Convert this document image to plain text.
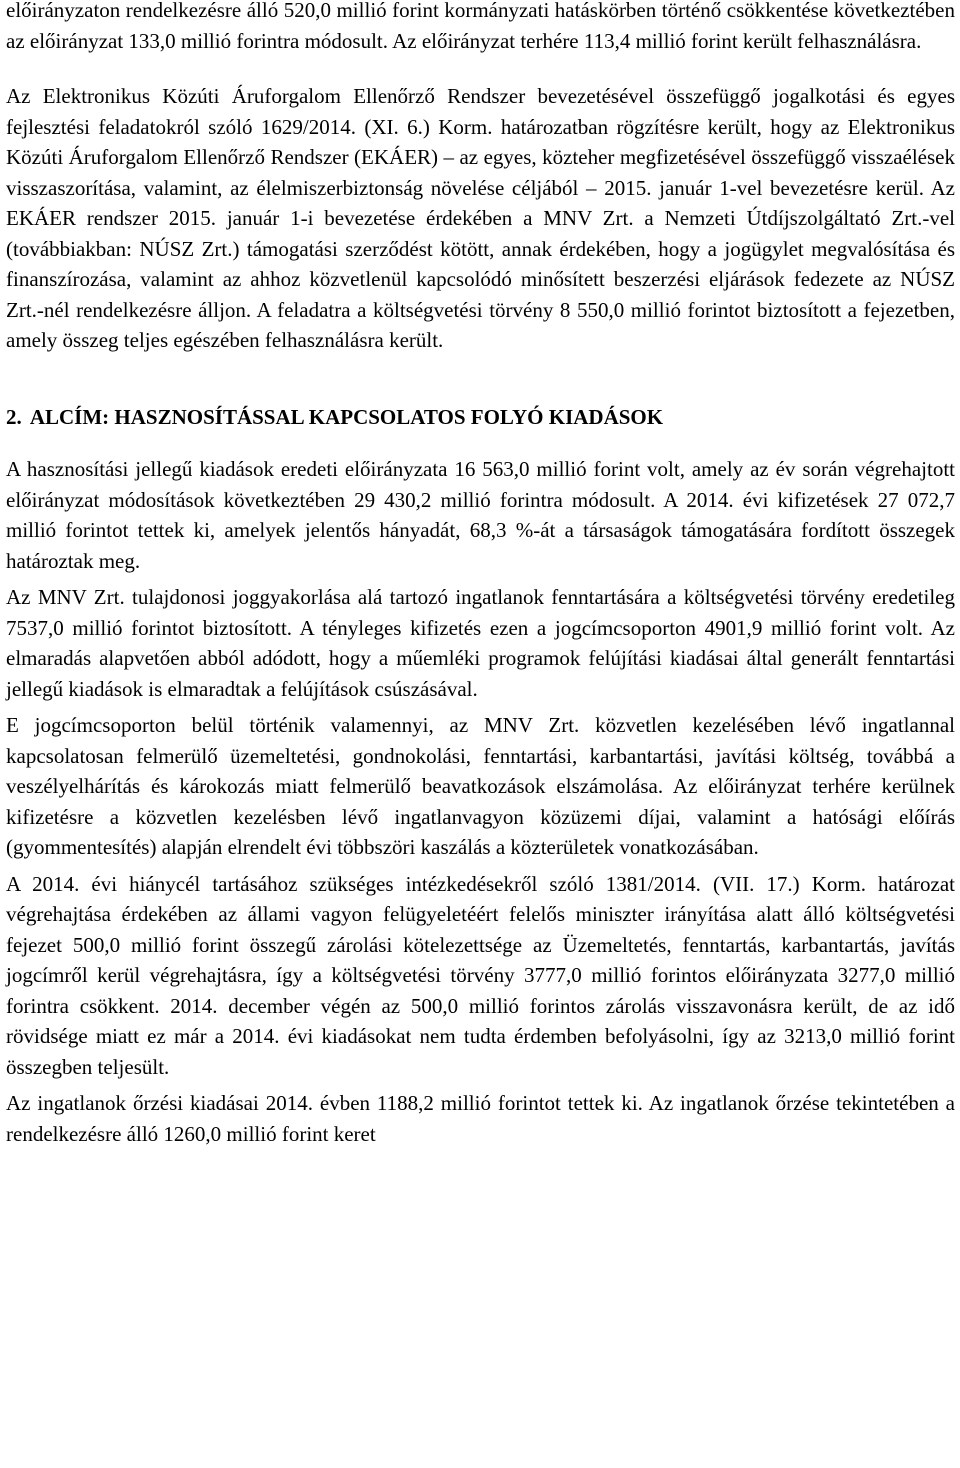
előirányzaton rendelkezésre álló 520,0 millió forint kormányzati hatáskörben történő csökkentése következtében az előirányzat 133,0 millió forintra módosult. Az előirányzat terhére 113,4 millió forint került felhasználásra.

Az Elektronikus Közúti Áruforgalom Ellenőrző Rendszer bevezetésével összefüggő jogalkotási és egyes fejlesztési feladatokról szóló 1629/2014. (XI. 6.) Korm. határozatban rögzítésre került, hogy az Elektronikus Közúti Áruforgalom Ellenőrző Rendszer (EKÁER) – az egyes, közteher megfizetésével összefüggő visszaélések visszaszorítása, valamint, az élelmiszerbiztonság növelése céljából – 2015. január 1-vel bevezetésre kerül. Az EKÁER rendszer 2015. január 1-i bevezetése érdekében a MNV Zrt. a Nemzeti Útdíjszolgáltató Zrt.-vel (továbbiakban: NÚSZ Zrt.) támogatási szerződést kötött, annak érdekében, hogy a jogügylet megvalósítása és finanszírozása, valamint az ahhoz közvetlenül kapcsolódó minősített beszerzési eljárások fedezete az NÚSZ Zrt.-nél rendelkezésre álljon. A feladatra a költségvetési törvény 8 550,0 millió forintot biztosított a fejezetben, amely összeg teljes egészében felhasználásra került.

2. ALCÍM: HASZNOSÍTÁSSAL KAPCSOLATOS FOLYÓ KIADÁSOK

A hasznosítási jellegű kiadások eredeti előirányzata 16 563,0 millió forint volt, amely az év során végrehajtott előirányzat módosítások következtében 29 430,2 millió forintra módosult. A 2014. évi kifizetések 27 072,7 millió forintot tettek ki, amelyek jelentős hányadát, 68,3 %-át a társaságok támogatására fordított összegek határoztak meg.

Az MNV Zrt. tulajdonosi joggyakorlása alá tartozó ingatlanok fenntartására a költségvetési törvény eredetileg 7537,0 millió forintot biztosított. A tényleges kifizetés ezen a jogcímcsoporton 4901,9 millió forint volt. Az elmaradás alapvetően abból adódott, hogy a műemléki programok felújítási kiadásai által generált fenntartási jellegű kiadások is elmaradtak a felújítások csúszásával.

E jogcímcsoporton belül történik valamennyi, az MNV Zrt. közvetlen kezelésében lévő ingatlannal kapcsolatosan felmerülő üzemeltetési, gondnokolási, fenntartási, karbantartási, javítási költség, továbbá a veszélyelhárítás és károkozás miatt felmerülő beavatkozások elszámolása. Az előirányzat terhére kerülnek kifizetésre a közvetlen kezelésben lévő ingatlanvagyon közüzemi díjai, valamint a hatósági előírás (gyommentesítés) alapján elrendelt évi többszöri kaszálás a közterületek vonatkozásában.

A 2014. évi hiánycél tartásához szükséges intézkedésekről szóló 1381/2014. (VII. 17.) Korm. határozat végrehajtása érdekében az állami vagyon felügyeletéért felelős miniszter irányítása alatt álló költségvetési fejezet 500,0 millió forint összegű zárolási kötelezettsége az Üzemeltetés, fenntartás, karbantartás, javítás jogcímről kerül végrehajtásra, így a költségvetési törvény 3777,0 millió forintos előirányzata 3277,0 millió forintra csökkent. 2014. december végén az 500,0 millió forintos zárolás visszavonásra került, de az idő rövidsége miatt ez már a 2014. évi kiadásokat nem tudta érdemben befolyásolni, így az 3213,0 millió forint összegben teljesült.

Az ingatlanok őrzési kiadásai 2014. évben 1188,2 millió forintot tettek ki. Az ingatlanok őrzése tekintetében a rendelkezésre álló 1260,0 millió forint keret
